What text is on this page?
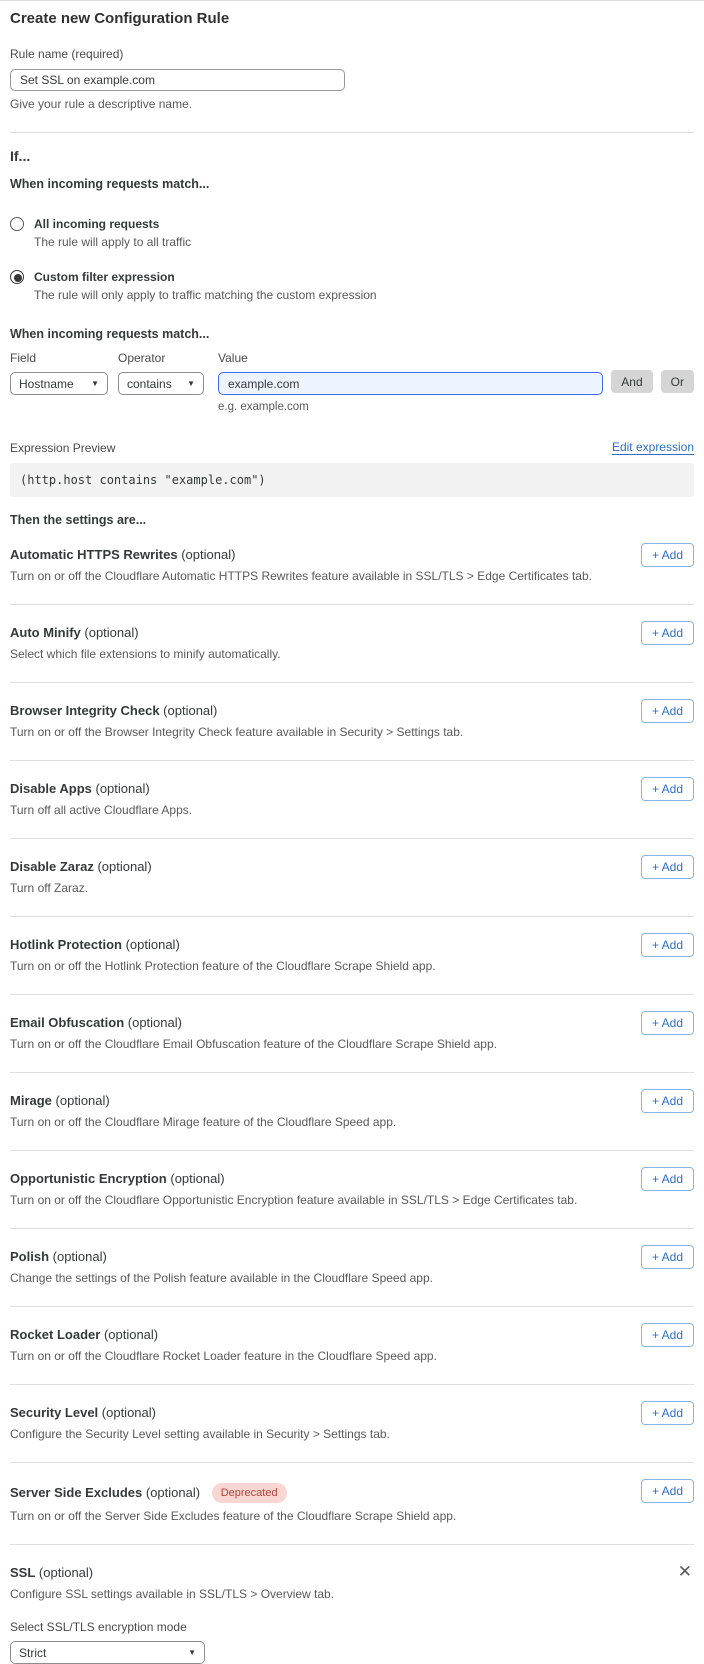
Create new Configuration Rule
Rule name (required)
Set SSL on example.com
Give your rule a descriptive name.
If...
When incoming requests match...
All incoming requests
The rule will apply to all traffic
Custom filter expression
The rule will only apply to traffic matching the custom expression
When incoming requests match...
Field
Hostname ▼
Operator
contains ▼
Value
example.com
e.g. example.com
And	Or
Expression Preview	Edit expression
(http.host contains "example.com")
Then the settings are...
Automatic HTTPS Rewrites (optional)
Turn on or off the Cloudflare Automatic HTTPS Rewrites feature available in SSL/TLS > Edge Certificates tab.
+ Add
Auto Minify (optional)
Select which file extensions to minify automatically.
+ Add
Browser Integrity Check (optional)
Turn on or off the Browser Integrity Check feature available in Security > Settings tab.
+ Add
Disable Apps (optional)
Turn off all active Cloudflare Apps.
+ Add
Disable Zaraz (optional)
Turn off Zaraz.
+ Add
Hotlink Protection (optional)
Turn on or off the Hotlink Protection feature of the Cloudflare Scrape Shield app.
+ Add
Email Obfuscation (optional)
Turn on or off the Cloudflare Email Obfuscation feature of the Cloudflare Scrape Shield app.
+ Add
Mirage (optional)
Turn on or off the Cloudflare Mirage feature of the Cloudflare Speed app.
+ Add
Opportunistic Encryption (optional)
Turn on or off the Cloudflare Opportunistic Encryption feature available in SSL/TLS > Edge Certificates tab.
+ Add
Polish (optional)
Change the settings of the Polish feature available in the Cloudflare Speed app.
+ Add
Rocket Loader (optional)
Turn on or off the Cloudflare Rocket Loader feature in the Cloudflare Speed app.
+ Add
Security Level (optional)
Configure the Security Level setting available in Security > Settings tab.
+ Add
Server Side Excludes (optional) Deprecated
Turn on or off the Server Side Excludes feature of the Cloudflare Scrape Shield app.
+ Add
SSL (optional)	✕
Configure SSL settings available in SSL/TLS > Overview tab.
Select SSL/TLS encryption mode
Strict	▼
